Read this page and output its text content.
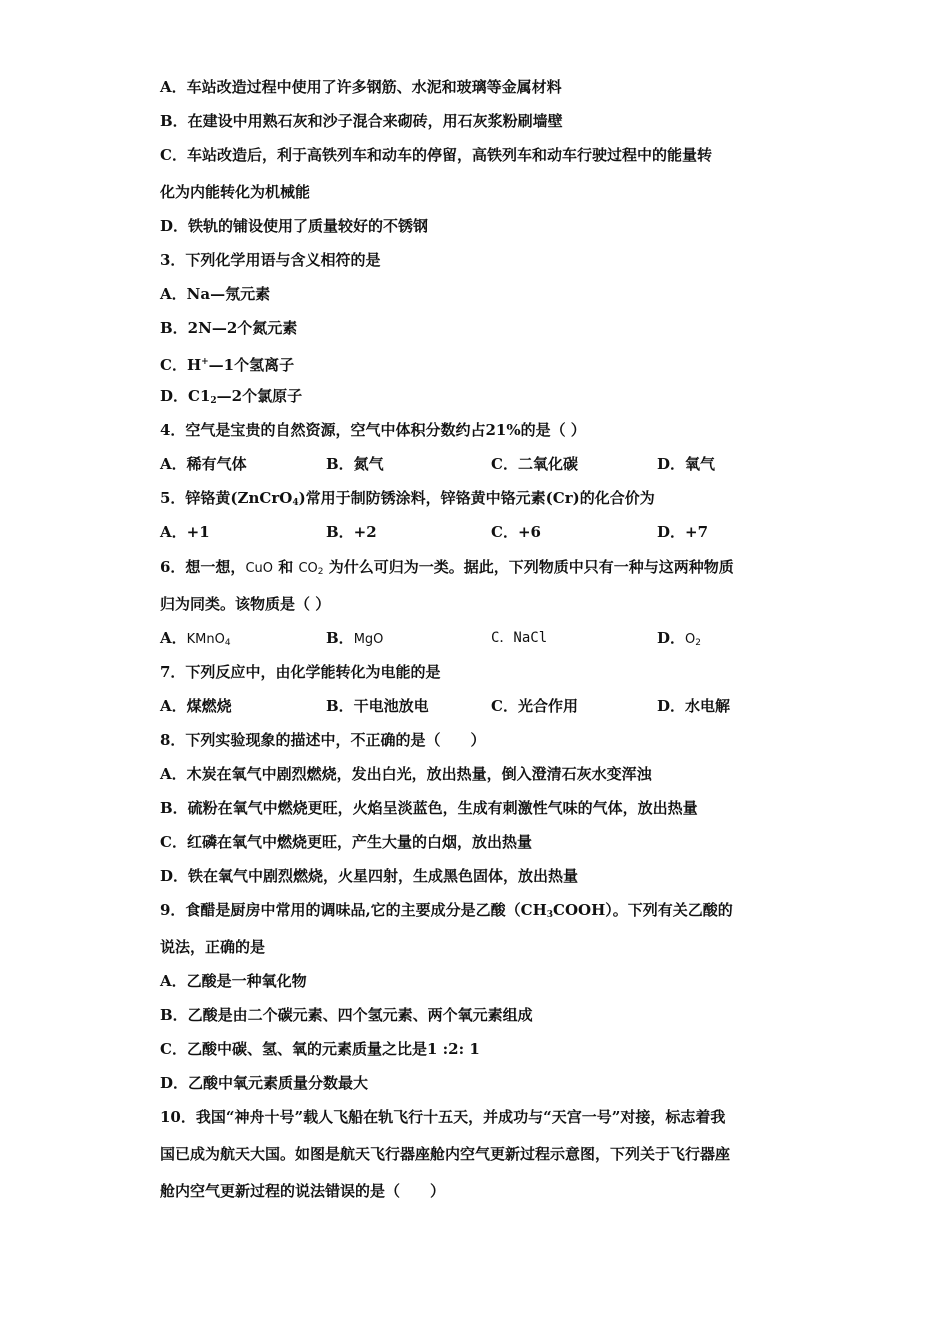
A．车站改造过程中使用了许多钢筋、水泥和玻璃等金属材料
B．在建设中用熟石灰和沙子混合来砌砖，用石灰浆粉刷墙壁
C．车站改造后，利于高铁列车和动车的停留，高铁列车和动车行驶过程中的能量转
化为内能转化为机械能
D．铁轨的铺设使用了质量较好的不锈钢
3．下列化学用语与含义相符的是
A．Na—氖元素
B．2N—2个氮元素
C．H+—1个氢离子
D．$C1_2—2$个氯原子
4．空气是宝贵的自然资源，空气中体积分数约占21%的是（ ）
A．稀有气体	B．氮气	C．二氧化碳	D．氧气
5．锌铬黄(ZnCrO$_4$)常用于制防锈涂料，锌铬黄中铬元素(Cr)的化合价为
A．+1	B．+2	C．+6	D．+7
6．想一想，CuO 和 $CO_2$ 为什么可归为一类。据此，下列物质中只有一种与这两种物质
归为同类。该物质是（ ）
A．KMnO$_4$	B．MgO	C．NaCl	D．$O_2$
7．下列反应中，由化学能转化为电能的是
A．煤燃烧	B．干电池放电	C．光合作用	D．水电解
8．下列实验现象的描述中，不正确的是（　　）
A．木炭在氧气中剧烈燃烧，发出白光，放出热量，倒入澄清石灰水变浑浊
B．硫粉在氧气中燃烧更旺，火焰呈淡蓝色，生成有刺激性气味的气体，放出热量
C．红磷在氧气中燃烧更旺，产生大量的白烟，放出热量
D．铁在氧气中剧烈燃烧，火星四射，生成黑色固体，放出热量
9．食醋是厨房中常用的调味品,它的主要成分是乙酸$(CH_3COOH)$。下列有关乙酸的
说法，正确的是
A．乙酸是一种氧化物
B．乙酸是由二个碳元素、四个氢元素、两个氧元素组成
C．乙酸中碳、氢、氧的元素质量之比是1 :2: 1
D．乙酸中氧元素质量分数最大
10．我国“神舟十号”载人飞船在轨飞行十五天，并成功与“天宫一号”对接，标志着我
国已成为航天大国。如图是航天飞行器座舱内空气更新过程示意图，下列关于飞行器座
舱内空气更新过程的说法错误的是（　　）
